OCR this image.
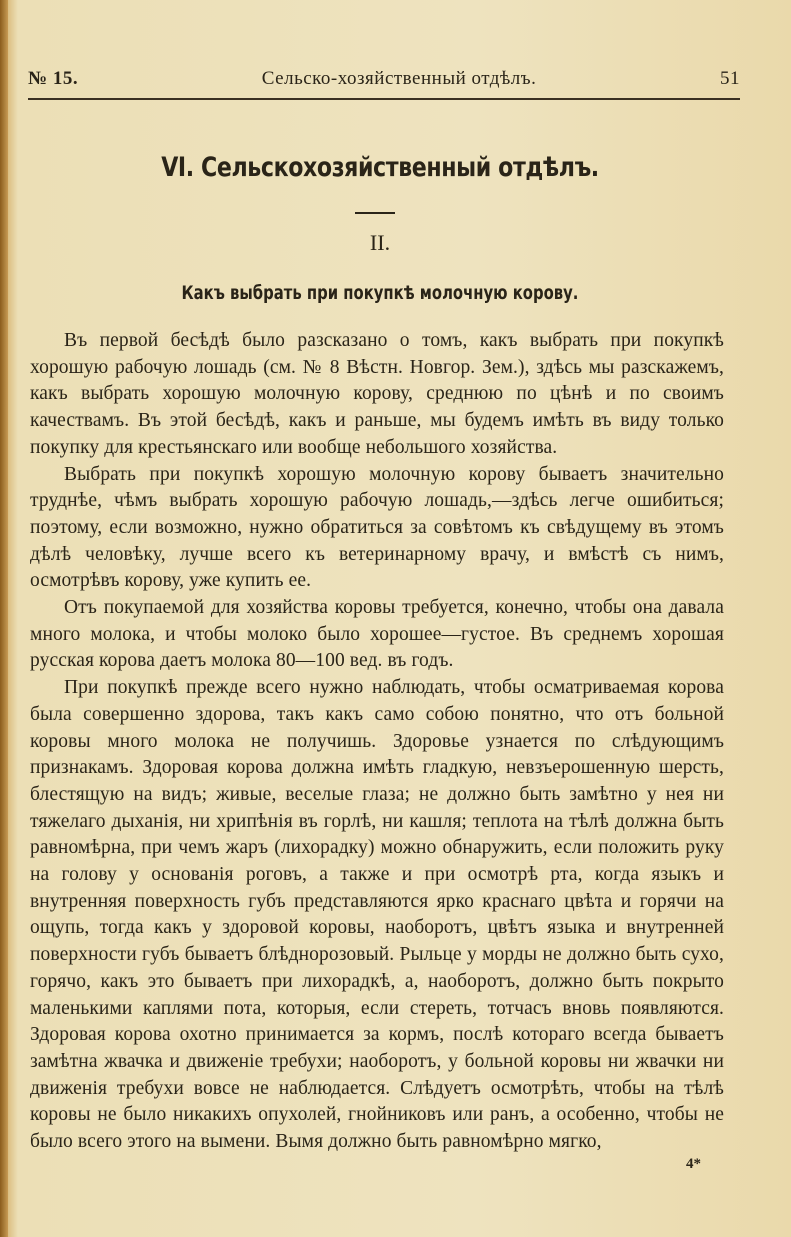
№ 15.	Сельско-хозяйственный отдѣлъ.	51
VI. Сельскохозяйственный отдѣлъ.
II.
Какъ выбрать при покупкѣ молочную корову.

Въ первой бесѣдѣ было разсказано о томъ, какъ выбрать при покупкѣ хорошую рабочую лошадь (см. № 8 Вѣстн. Новгор. Зем.), здѣсь мы разскажемъ, какъ выбрать хорошую молочную корову, среднюю по цѣнѣ и по своимъ качествамъ. Въ этой бесѣдѣ, какъ и раньше, мы будемъ имѣть въ виду только покупку для крестьянскаго или вообще небольшого хозяйства.

Выбрать при покупкѣ хорошую молочную корову бываетъ значительно труднѣе, чѣмъ выбрать хорошую рабочую лошадь,—здѣсь легче ошибиться; поэтому, если возможно, нужно обратиться за совѣтомъ къ свѣдущему въ этомъ дѣлѣ человѣку, лучше всего къ ветеринарному врачу, и вмѣстѣ съ нимъ, осмотрѣвъ корову, уже купить ее.

Отъ покупаемой для хозяйства коровы требуется, конечно, чтобы она давала много молока, и чтобы молоко было хорошее—густое. Въ среднемъ хорошая русская корова даетъ молока 80—100 вед. въ годъ.

При покупкѣ прежде всего нужно наблюдать, чтобы осматриваемая корова была совершенно здорова, такъ какъ само собою понятно, что отъ больной коровы много молока не получишь. Здоровье узнается по слѣдующимъ признакамъ. Здоровая корова должна имѣть гладкую, невзъерошенную шерсть, блестящую на видъ; живые, веселые глаза; не должно быть замѣтно у нея ни тяжелаго дыханія, ни хрипѣнія въ горлѣ, ни кашля; теплота на тѣлѣ должна быть равномѣрна, при чемъ жаръ (лихорадку) можно обнаружить, если положить руку на голову у основанія роговъ, а также и при осмотрѣ рта, когда языкъ и внутренняя поверхность губъ представляются ярко краснаго цвѣта и горячи на ощупь, тогда какъ у здоровой коровы, наоборотъ, цвѣтъ языка и внутренней поверхности губъ бываетъ блѣднорозовый. Рыльце у морды не должно быть сухо, горячо, какъ это бываетъ при лихорадкѣ, а, наоборотъ, должно быть покрыто маленькими каплями пота, которыя, если стереть, тотчасъ вновь появляются. Здоровая корова охотно принимается за кормъ, послѣ котораго всегда бываетъ замѣтна жвачка и движеніе требухи; наоборотъ, у больной коровы ни жвачки ни движенія требухи вовсе не наблюдается. Слѣдуетъ осмотрѣть, чтобы на тѣлѣ коровы не было никакихъ опухолей, гнойниковъ или ранъ, а особенно, чтобы не было всего этого на вымени. Вымя должно быть равномѣрно мягко,

4*
